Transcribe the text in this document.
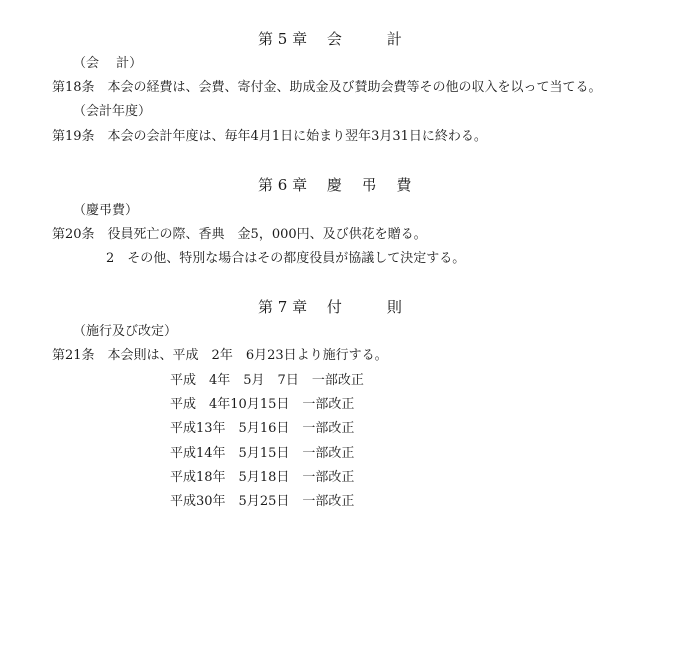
第 5 章　 会　　　計
（会　 計）
第18条　本会の経費は、会費、寄付金、助成金及び賛助会費等その他の収入を以って当てる。
（会計年度）
第19条　本会の会計年度は、毎年4月1日に始まり翌年3月31日に終わる。
第 6 章　 慶　 弔　 費
（慶弔費）
第20条　役員死亡の際、香典　金5，000円、及び供花を贈る。
2　その他、特別な場合はその都度役員が協議して決定する。
第 7 章　 付　　　則
（施行及び改定）
第21条　本会則は、平成　2年　6月23日より施行する。
平成　4年　5月　7日　一部改正
平成　4年10月15日　一部改正
平成13年　5月16日　一部改正
平成14年　5月15日　一部改正
平成18年　5月18日　一部改正
平成30年　5月25日　一部改正
